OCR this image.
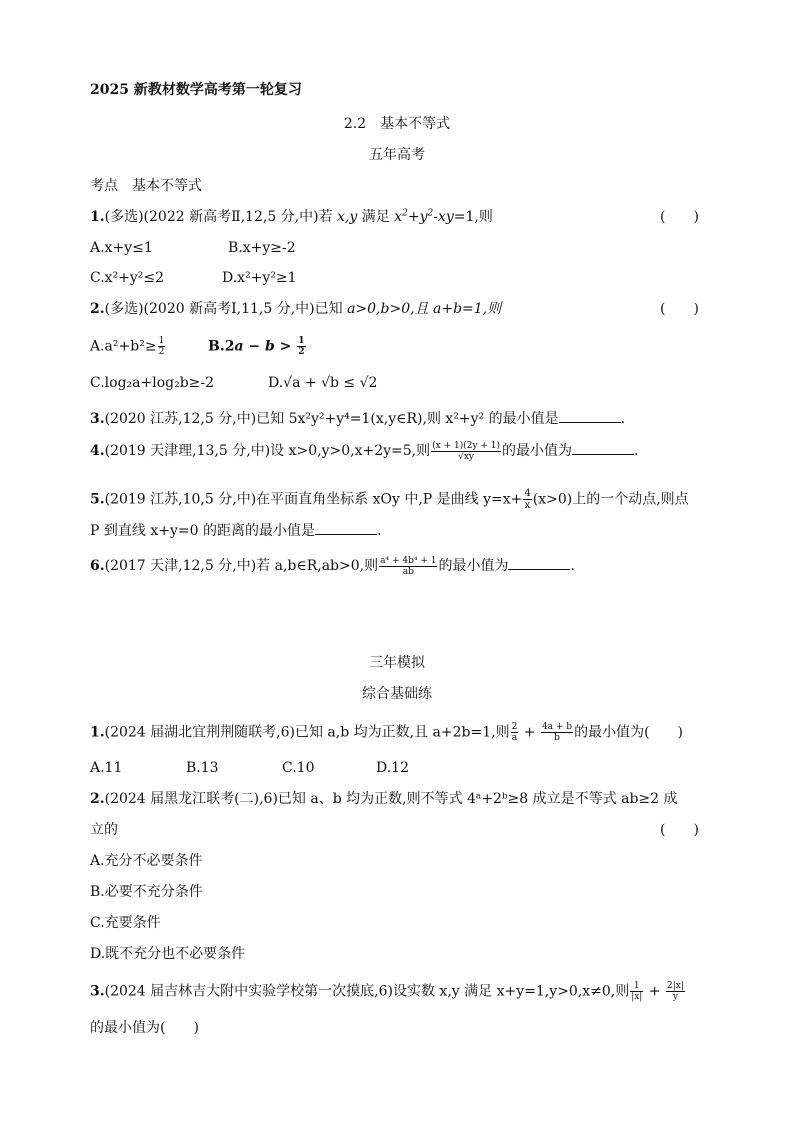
2025 新教材数学高考第一轮复习
2.2　基本不等式
五年高考
考点　基本不等式
1.(多选)(2022 新高考Ⅱ,12,5 分,中)若 x,y 满足 $x^2+y^2-xy=1$,则	(　　)
A.x+y≤1	B.x+y≥-2
C.x²+y²≤2	D.x²+y²≥1
2.(多选)(2020 新高考Ⅰ,11,5 分,中)已知 a>0,b>0,且 a+b=1,则	(　　)
$A.a^2+b^2\ge \frac{1}{2}$	$B.2a - b > \frac{1}{2}$
C.log₂a+log₂b≥-2	D.√a + √b ≤ √2
3.(2020 江苏,12,5 分,中)已知 5x²y²+y⁴=1(x,y∈R),则 x²+y² 的最小值是	.
4.(2019 天津理,13,5 分,中)设 x>0,y>0,x+2y=5,则 $\frac{(x + 1)(2y + 1)}{√xy}$ 的最小值为	.
5.(2019 江苏,10,5 分,中)在平面直角坐标系 xOy 中,P 是曲线 $y=x+ \frac{4}{x} (x>0)$上的一个动点,则点
P 到直线 x+y=0 的距离的最小值是	.
6.(2017 天津,12,5 分,中)若 a,b∈R,ab>0,则 $\frac{\text{a⁴ + 4b⁴ + 1}}{ab}$ 的最小值为	.
三年模拟
综合基础练
1.(2024 届湖北宜荆荆随联考,6)已知 a,b 均为正数,且 a+2b=1,则 $\frac{2}{a} + \frac{4a + b}{b}$ 的最小值为(　　)
A.11	B.13	C.10	D.12
2.(2024 届黑龙江联考(二),6)已知 a、b 均为正数,则不等式 4ᵃ+2ᵇ≥8 成立是不等式 ab≥2 成
立的	(　　)
A.充分不必要条件
B.必要不充分条件
C.充要条件
D.既不充分也不必要条件
3.(2024 届吉林吉大附中实验学校第一次摸底,6)设实数 x,y 满足 x+y=1,y>0,x≠0,则 $\frac{1}{|x|} + \frac{2|x|}{y}$
的最小值为(　　)
